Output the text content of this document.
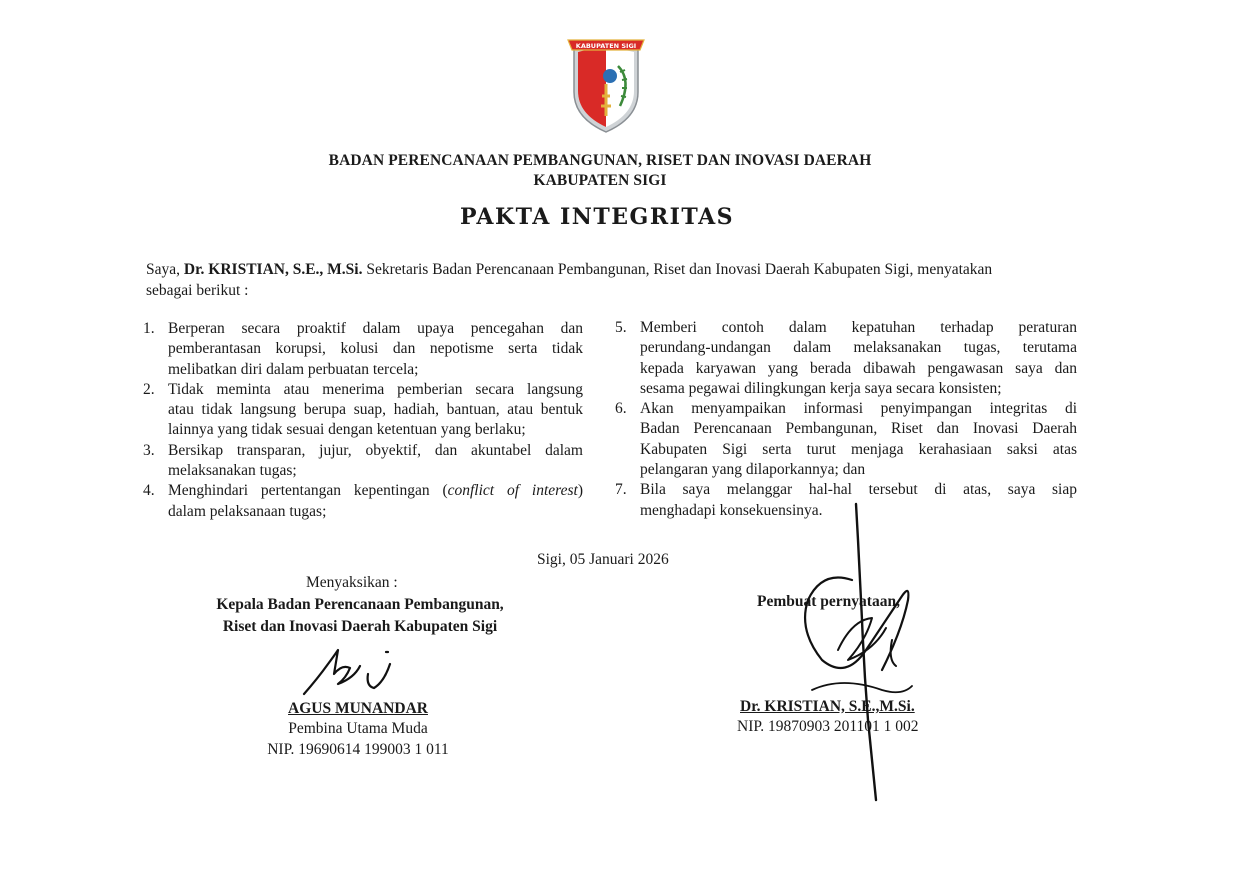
KABUPATEN SIGI
BADAN PERENCANAAN PEMBANGUNAN, RISET DAN INOVASI DAERAH
KABUPATEN SIGI
PAKTA INTEGRITAS
Saya, Dr. KRISTIAN, S.E., M.Si. Sekretaris Badan Perencanaan Pembangunan, Riset dan Inovasi Daerah Kabupaten Sigi, menyatakan
sebagai berikut :
1. Berperan secara proaktif dalam upaya pencegahan dan
pemberantasan korupsi, kolusi dan nepotisme serta tidak
melibatkan diri dalam perbuatan tercela;
2. Tidak meminta atau menerima pemberian secara langsung
atau tidak langsung berupa suap, hadiah, bantuan, atau bentuk
lainnya yang tidak sesuai dengan ketentuan yang berlaku;
3. Bersikap transparan, jujur, obyektif, dan akuntabel dalam
melaksanakan tugas;
4. Menghindari pertentangan kepentingan (conflict of interest)
dalam pelaksanaan tugas;
5. Memberi contoh dalam kepatuhan terhadap peraturan
perundang-undangan dalam melaksanakan tugas, terutama
kepada karyawan yang berada dibawah pengawasan saya dan
sesama pegawai dilingkungan kerja saya secara konsisten;
6. Akan menyampaikan informasi penyimpangan integritas di
Badan Perencanaan Pembangunan, Riset dan Inovasi Daerah
Kabupaten Sigi serta turut menjaga kerahasiaan saksi atas
pelangaran yang dilaporkannya; dan
7. Bila saya melanggar hal-hal tersebut di atas, saya siap
menghadapi konsekuensinya.
Sigi, 05 Januari 2026
Menyaksikan :
Kepala Badan Perencanaan Pembangunan,
Riset dan Inovasi Daerah Kabupaten Sigi
AGUS MUNANDAR
Pembina Utama Muda
NIP. 19690614 199003 1 011
Pembuat pernyataan,
Dr. KRISTIAN, S.E.,M.Si.
NIP. 19870903 201101 1 002
